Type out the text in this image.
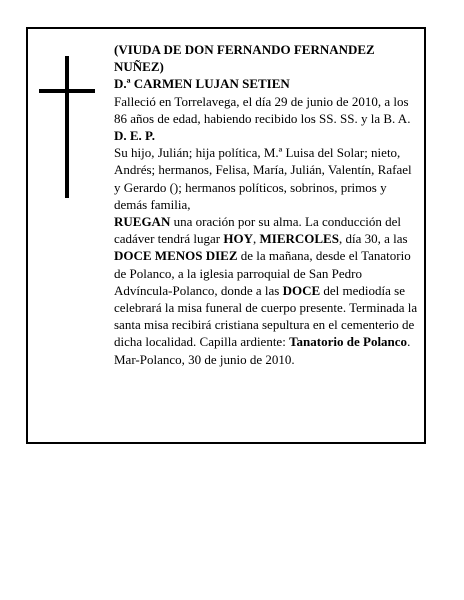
(VIUDA DE DON FERNANDO FERNANDEZ NUÑEZ)

D.ª CARMEN LUJAN SETIEN

Falleció en Torrelavega, el día 29 de junio de 2010, a los 86 años de edad, habiendo recibido los SS. SS. y la B. A.

D. E. P.

Su hijo, Julián; hija política, M.ª Luisa del Solar; nieto, Andrés; hermanos, Felisa, María, Julián, Valentín, Rafael y Gerardo (); hermanos políticos, sobrinos, primos y demás familia,

RUEGAN una oración por su alma. La conducción del cadáver tendrá lugar HOY, MIERCOLES, día 30, a las DOCE MENOS DIEZ de la mañana, desde el Tanatorio de Polanco, a la iglesia parroquial de San Pedro Advíncula-Polanco, donde a las DOCE del mediodía se celebrará la misa funeral de cuerpo presente. Terminada la santa misa recibirá cristiana sepultura en el cementerio de dicha localidad. Capilla ardiente: Tanatorio de Polanco.

Mar-Polanco, 30 de junio de 2010.
